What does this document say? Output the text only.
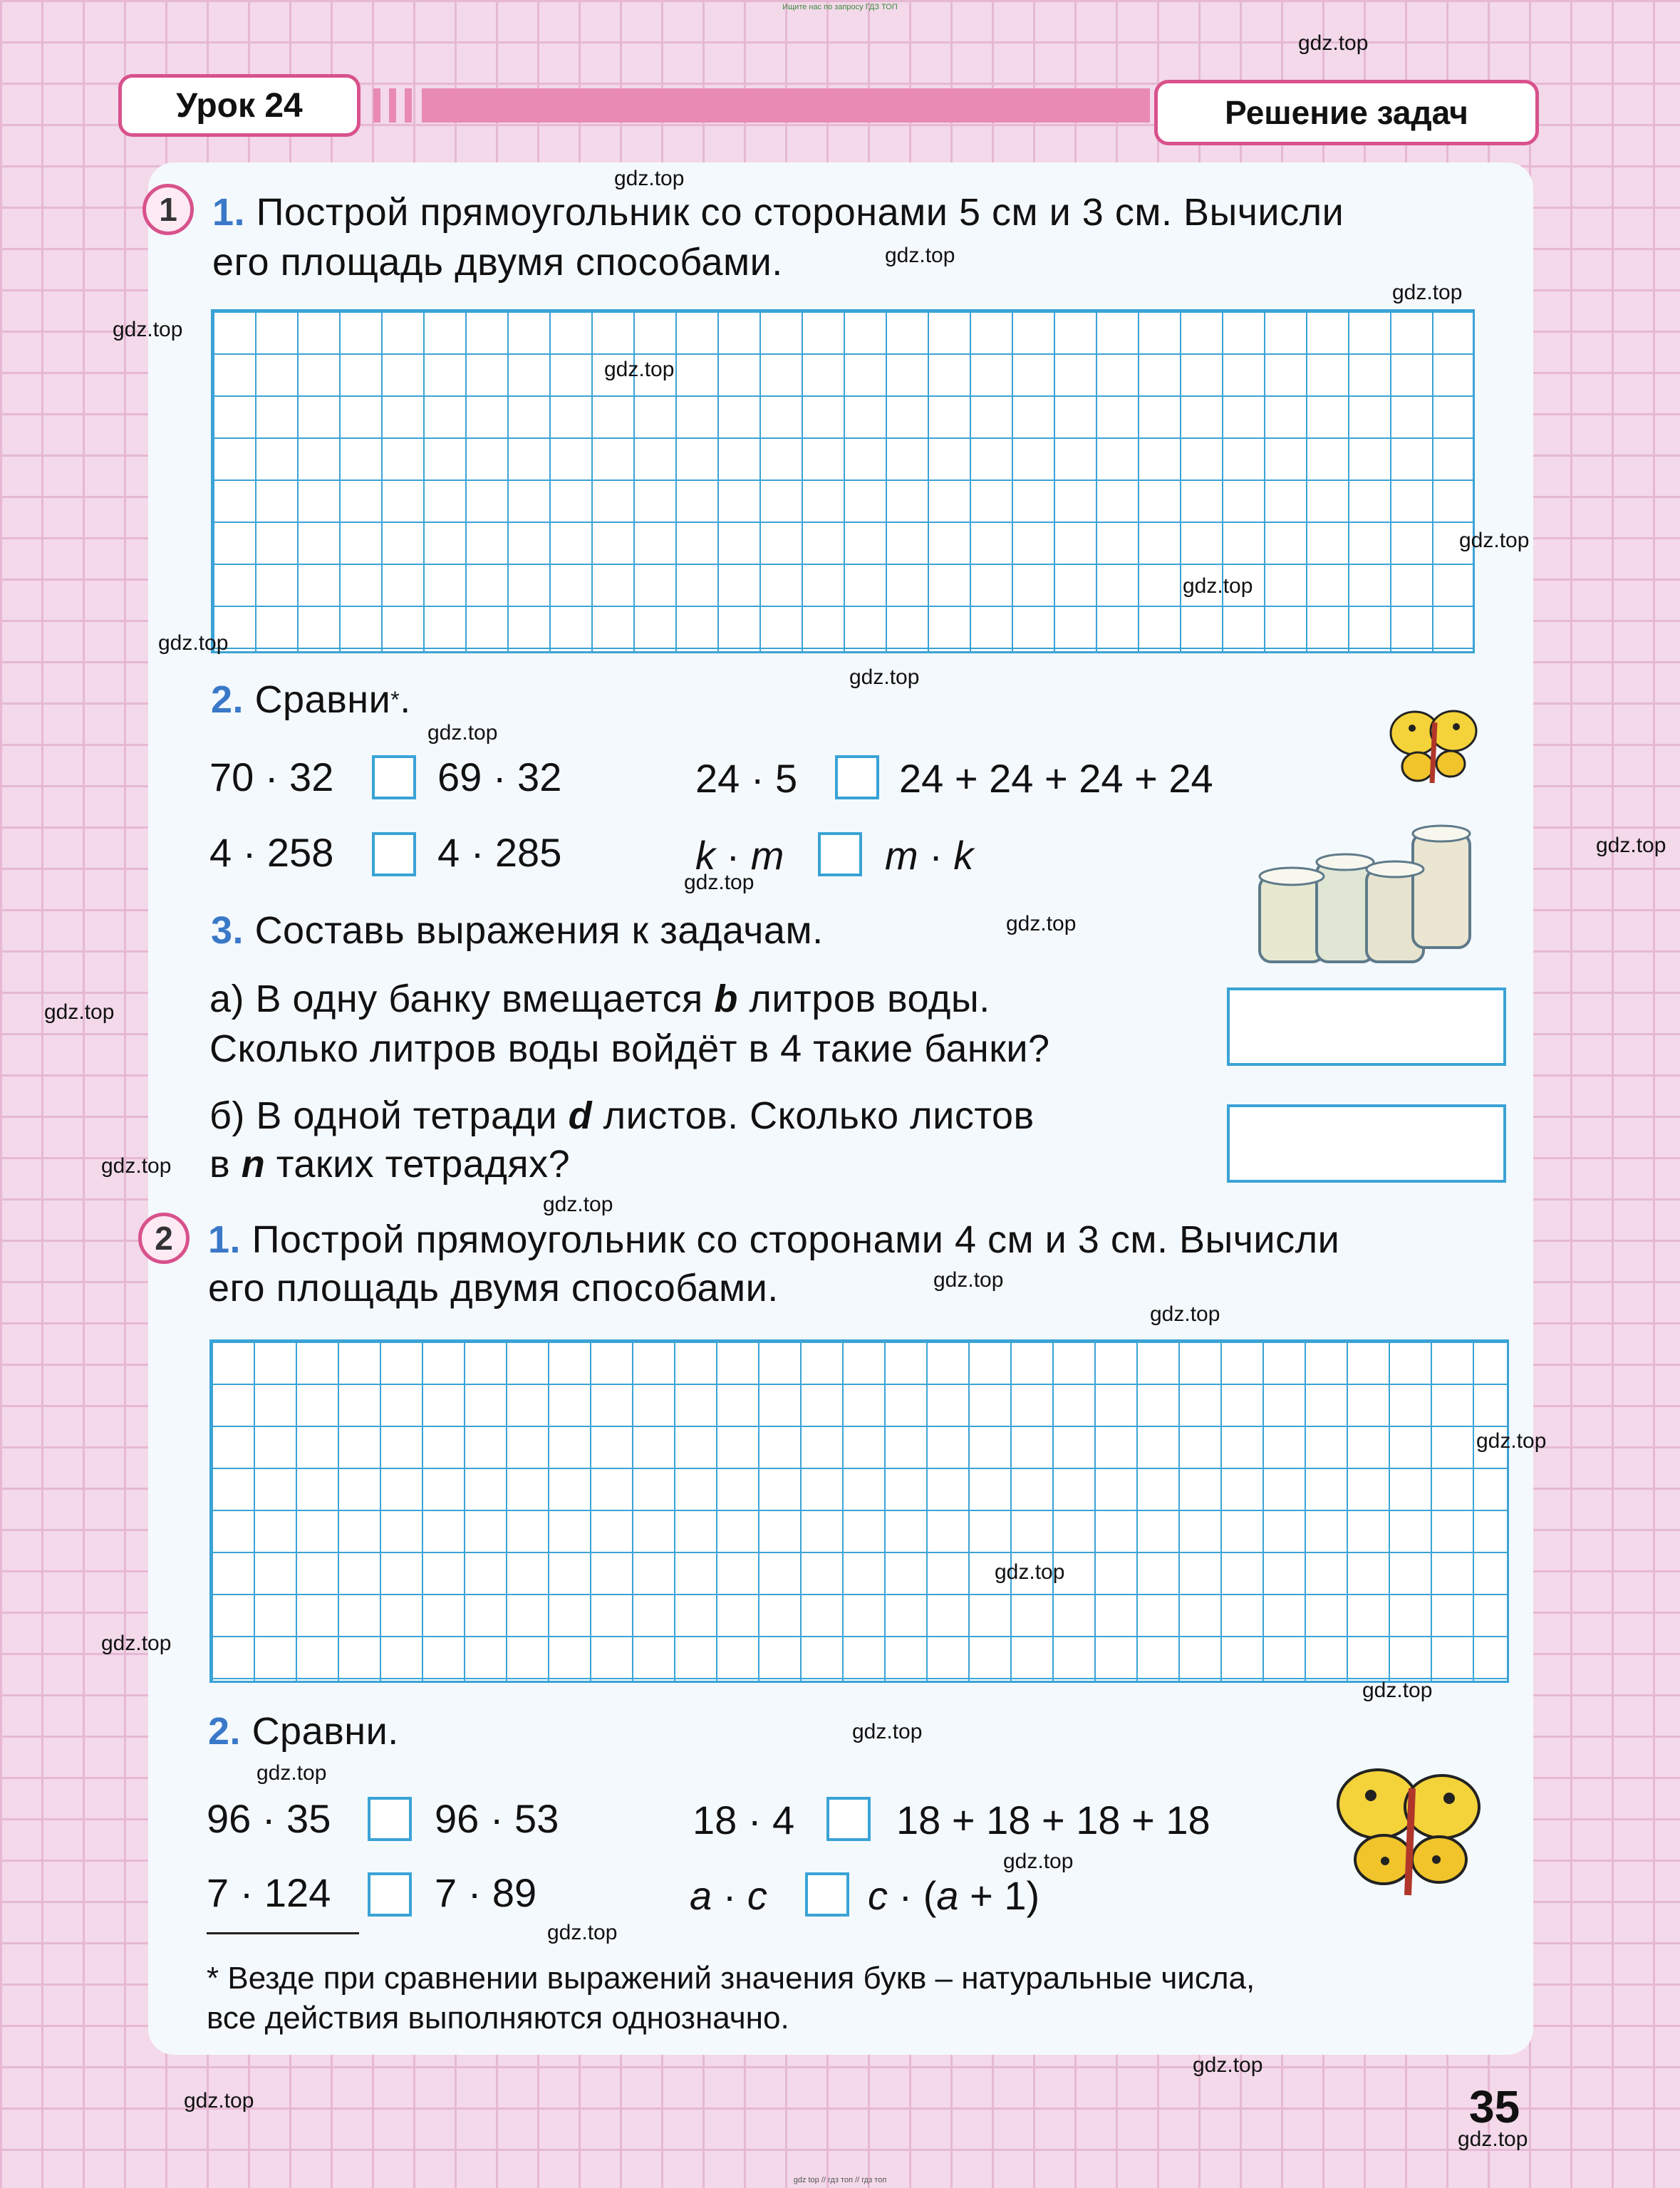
Ищите нас по запросу ГДЗ ТОП
Урок 24	Решение задач
1 1. Построй прямоугольник со сторонами 5 см и 3 см. Вычисли
его площадь двумя способами.
2. Сравни*.
70 · 32	69 · 32	24 · 5	24 + 24 + 24 + 24
4 · 258	4 · 285	k · m	m · k
3. Составь выражения к задачам.
а) В одну банку вмещается b литров воды.
Сколько литров воды войдёт в 4 такие банки?
б) В одной тетради d листов. Сколько листов
в n таких тетрадях?
2 1. Построй прямоугольник со сторонами 4 см и 3 см. Вычисли
его площадь двумя способами.
2. Сравни.
96 · 35	96 · 53	18 · 4	18 + 18 + 18 + 18
7 · 124	7 · 89	a · c	c · (a + 1)
* Везде при сравнении выражений значения букв – натуральные числа,
все действия выполняются однозначно.
35
gdz.top
gdz.top
gdz.top
gdz.top
gdz.top
gdz.top
gdz.top
gdz.top
gdz.top
gdz.top
gdz.top
gdz.top
gdz.top
gdz.top
gdz.top
gdz.top
gdz.top
gdz.top
gdz.top
gdz.top
gdz.top
gdz.top
gdz.top
gdz.top
gdz.top
gdz.top
gdz.top
gdz.top
gdz.top
gdz.top
gdz top // гдз топ // гдз топ
